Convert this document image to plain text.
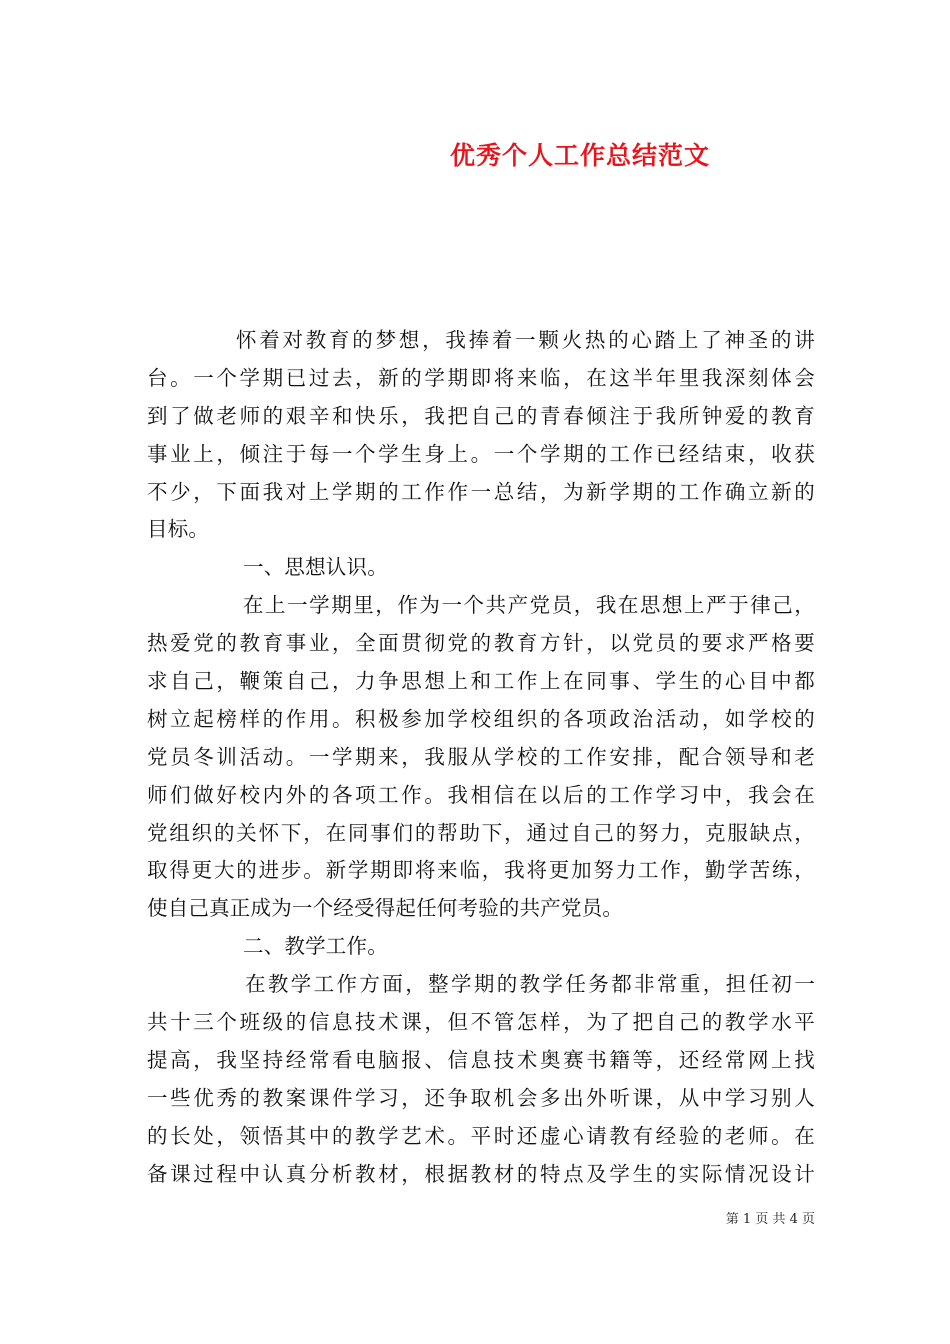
优秀个人工作总结范文
怀着对教育的梦想，我捧着一颗火热的心踏上了神圣的讲
台。一个学期已过去，新的学期即将来临，在这半年里我深刻体会
到了做老师的艰辛和快乐，我把自己的青春倾注于我所钟爱的教育
事业上，倾注于每一个学生身上。一个学期的工作已经结束，收获
不少，下面我对上学期的工作作一总结，为新学期的工作确立新的
目标。
一、思想认识。
在上一学期里，作为一个共产党员，我在思想上严于律己，
热爱党的教育事业，全面贯彻党的教育方针，以党员的要求严格要
求自己，鞭策自己，力争思想上和工作上在同事、学生的心目中都
树立起榜样的作用。积极参加学校组织的各项政治活动，如学校的
党员冬训活动。一学期来，我服从学校的工作安排，配合领导和老
师们做好校内外的各项工作。我相信在以后的工作学习中，我会在
党组织的关怀下，在同事们的帮助下，通过自己的努力，克服缺点，
取得更大的进步。新学期即将来临，我将更加努力工作，勤学苦练，
使自己真正成为一个经受得起任何考验的共产党员。
二、教学工作。
在教学工作方面，整学期的教学任务都非常重，担任初一
共十三个班级的信息技术课，但不管怎样，为了把自己的教学水平
提高，我坚持经常看电脑报、信息技术奥赛书籍等，还经常网上找
一些优秀的教案课件学习，还争取机会多出外听课，从中学习别人
的长处，领悟其中的教学艺术。平时还虚心请教有经验的老师。在
备课过程中认真分析教材，根据教材的特点及学生的实际情况设计
第 1 页 共 4 页
